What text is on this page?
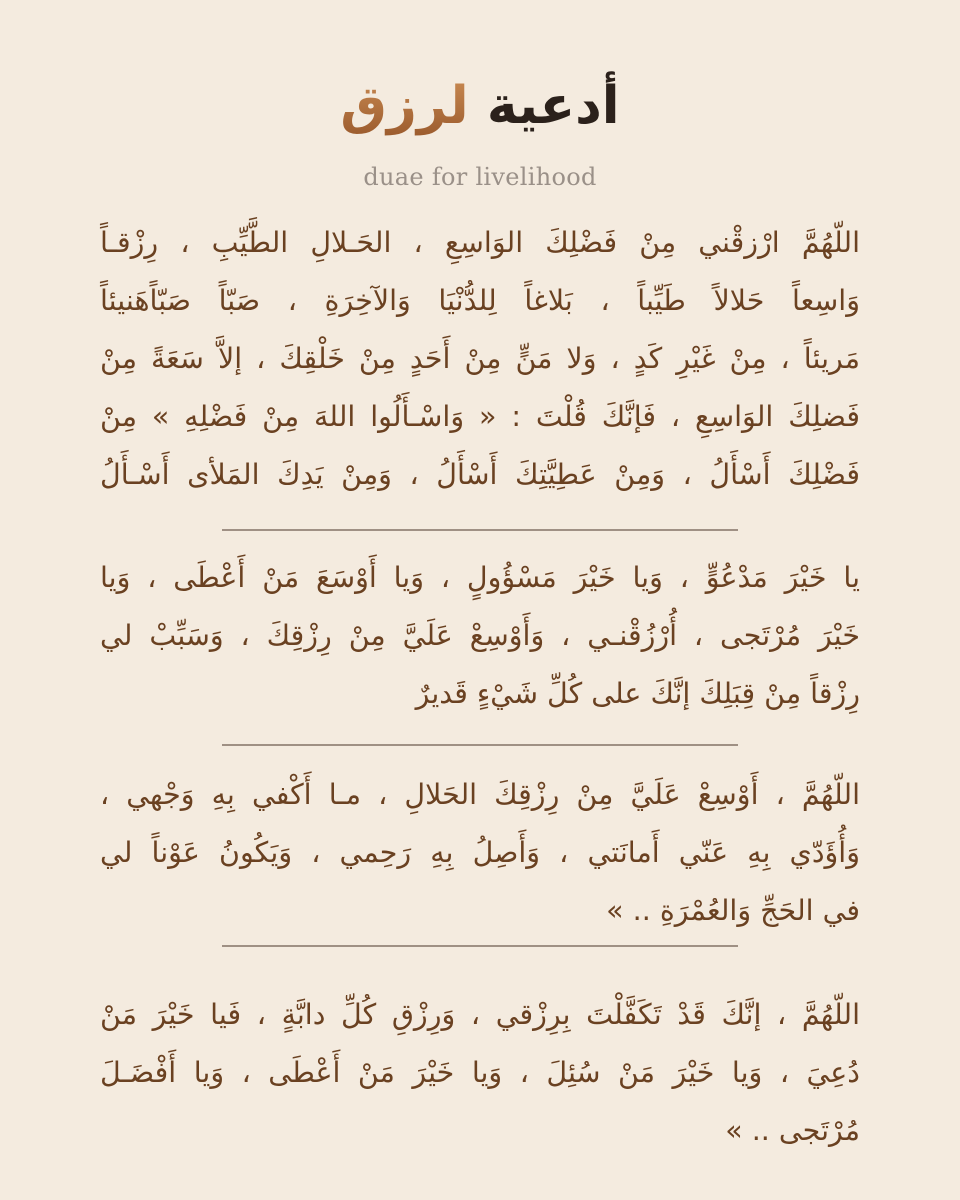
أدعية لرزق
duae for livelihood
اللّهُمَّ ارْزقْني مِنْ فَضْلِكَ الوَاسِعِ ، الحَـلالِ الطَّيِّبِ ، رِزْقـاً
وَاسِعاً حَلالاً طَيِّباً ، بَلاغاً لِلدُّنْيَا وَالآخِرَةِ ، صَبّاً صَبّاًهَنيئاً
مَريئاً ، مِنْ غَيْرِ كَدٍ ، وَلا مَنٍّ مِنْ أَحَدٍ مِنْ خَلْقِكَ ، إلاَّ سَعَةً مِنْ
فَضلِكَ الوَاسِعِ ، فَإنَّكَ قُلْتَ : « وَاسْـأَلُوا اللهَ مِنْ فَضْلِهِ » مِنْ
فَضْلِكَ أَسْأَلُ ، وَمِنْ عَطِيَّتِكَ أَسْأَلُ ، وَمِنْ يَدِكَ المَلأى أَسْـأَلُ
يا خَيْرَ مَدْعُوٍّ ، وَيا خَيْرَ مَسْؤُولٍ ، وَيا أَوْسَعَ مَنْ أَعْطَى ، وَيا
خَيْرَ مُرْتَجى ، أُرْزُقْنـي ، وَأَوْسِعْ عَلَيَّ مِنْ رِزْقِكَ ، وَسَبِّبْ لي
رِزْقاً مِنْ قِبَلِكَ إنَّكَ على كُلِّ شَيْءٍ قَديرٌ
اللّهُمَّ ، أَوْسِعْ عَلَيَّ مِنْ رِزْقِكَ الحَلالِ ، مـا أَكْفي بِهِ وَجْهي ،
وَأُؤَدّي بِهِ عَنّي أَمانَتي ، وَأَصِلُ بِهِ رَحِمي ، وَيَكُونُ عَوْناً لي
في الحَجِّ وَالعُمْرَةِ .. »
اللّهُمَّ ، إنَّكَ قَدْ تَكَفَّلْتَ بِرِزْقي ، وَرِزْقِ كُلِّ دابَّةٍ ، فَيا خَيْرَ مَنْ
دُعِيَ ، وَيا خَيْرَ مَنْ سُئِلَ ، وَيا خَيْرَ مَنْ أَعْطَى ، وَيا أَفْضَـلَ
مُرْتَجى .. »
